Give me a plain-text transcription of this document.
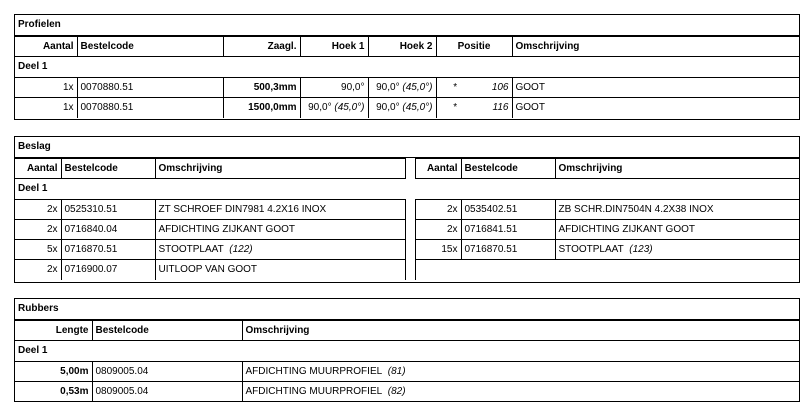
Profielen
Aantal	Bestelcode	Zaagl.	Hoek 1	Hoek 2	Positie	Omschrijving
Deel 1
1x	0070880.51	500,3mm	90,0°	90,0° (45,0°)	*	106	GOOT
1x	0070880.51	1500,0mm	90,0° (45,0°)	90,0° (45,0°)	*	116	GOOT
Beslag
Aantal	Bestelcode	Omschrijving		Aantal	Bestelcode	Omschrijving
Deel 1
2x	0525310.51	ZT SCHROEF DIN7981 4.2X16 INOX		2x	0535402.51	ZB SCHR.DIN7504N 4.2X38 INOX
2x	0716840.04	AFDICHTING ZIJKANT GOOT		2x	0716841.51	AFDICHTING ZIJKANT GOOT
5x	0716870.51	STOOTPLAAT (122)		15x	0716870.51	STOOTPLAAT (123)
2x	0716900.07	UITLOOP VAN GOOT				
Rubbers
Lengte	Bestelcode	Omschrijving
Deel 1
5,00m	0809005.04	AFDICHTING MUURPROFIEL (81)
0,53m	0809005.04	AFDICHTING MUURPROFIEL (82)
